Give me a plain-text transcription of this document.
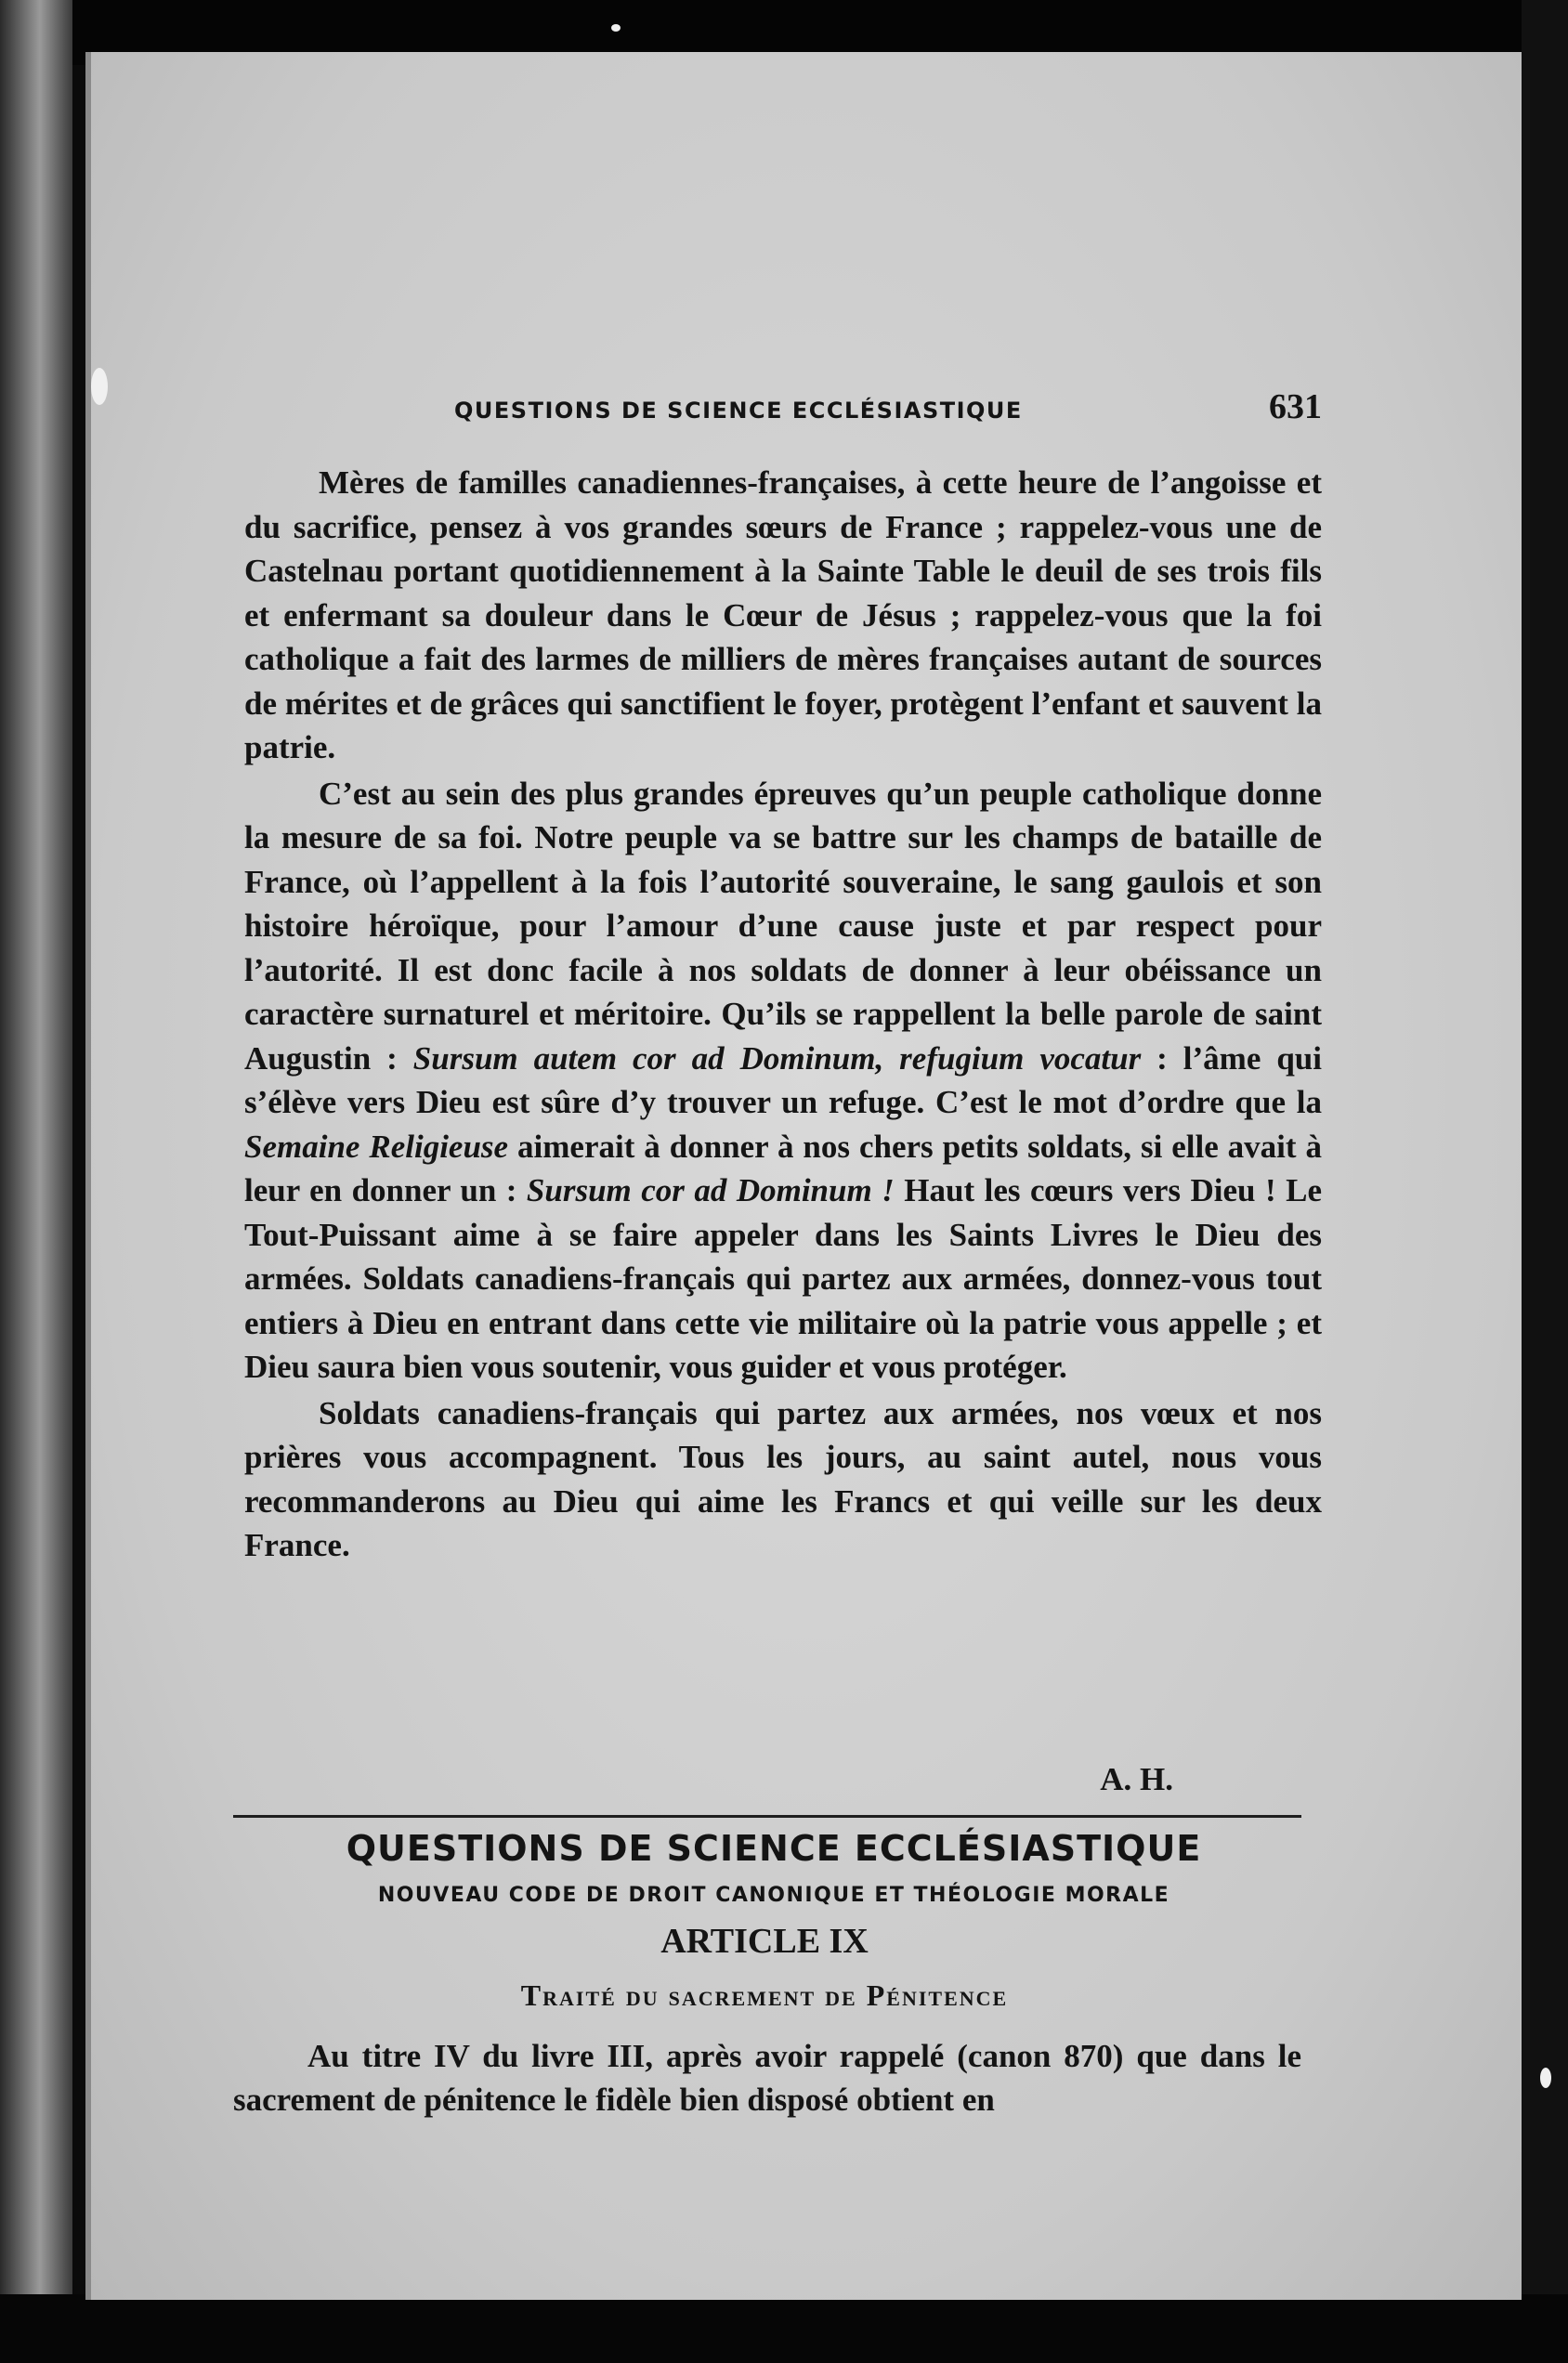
QUESTIONS DE SCIENCE ECCLÉSIASTIQUE	631

Mères de familles canadiennes-françaises, à cette heure de l’angoisse et du sacrifice, pensez à vos grandes sœurs de France ; rappelez-vous une de Castelnau portant quotidiennement à la Sainte Table le deuil de ses trois fils et enfermant sa douleur dans le Cœur de Jésus ; rappelez-vous que la foi catholique a fait des larmes de milliers de mères françaises autant de sources de mérites et de grâces qui sanctifient le foyer, protègent l’enfant et sauvent la patrie.

C’est au sein des plus grandes épreuves qu’un peuple catholique donne la mesure de sa foi. Notre peuple va se battre sur les champs de bataille de France, où l’appellent à la fois l’autorité souveraine, le sang gaulois et son histoire héroïque, pour l’amour d’une cause juste et par respect pour l’autorité. Il est donc facile à nos soldats de donner à leur obéissance un caractère surnaturel et méritoire. Qu’ils se rappellent la belle parole de saint Augustin : Sursum autem cor ad Dominum, refugium vocatur : l’âme qui s’élève vers Dieu est sûre d’y trouver un refuge. C’est le mot d’ordre que la Semaine Religieuse aimerait à donner à nos chers petits soldats, si elle avait à leur en donner un : Sursum cor ad Dominum ! Haut les cœurs vers Dieu ! Le Tout-Puissant aime à se faire appeler dans les Saints Livres le Dieu des armées. Soldats canadiens-français qui partez aux armées, donnez-vous tout entiers à Dieu en entrant dans cette vie militaire où la patrie vous appelle ; et Dieu saura bien vous soutenir, vous guider et vous protéger.

Soldats canadiens-français qui partez aux armées, nos vœux et nos prières vous accompagnent. Tous les jours, au saint autel, nous vous recommanderons au Dieu qui aime les Francs et qui veille sur les deux France.

A. H.
QUESTIONS DE SCIENCE ECCLÉSIASTIQUE
NOUVEAU CODE DE DROIT CANONIQUE ET THÉOLOGIE MORALE
ARTICLE IX
Traité du sacrement de Pénitence

Au titre IV du livre III, après avoir rappelé (canon 870) que dans le sacrement de pénitence le fidèle bien disposé obtient en
